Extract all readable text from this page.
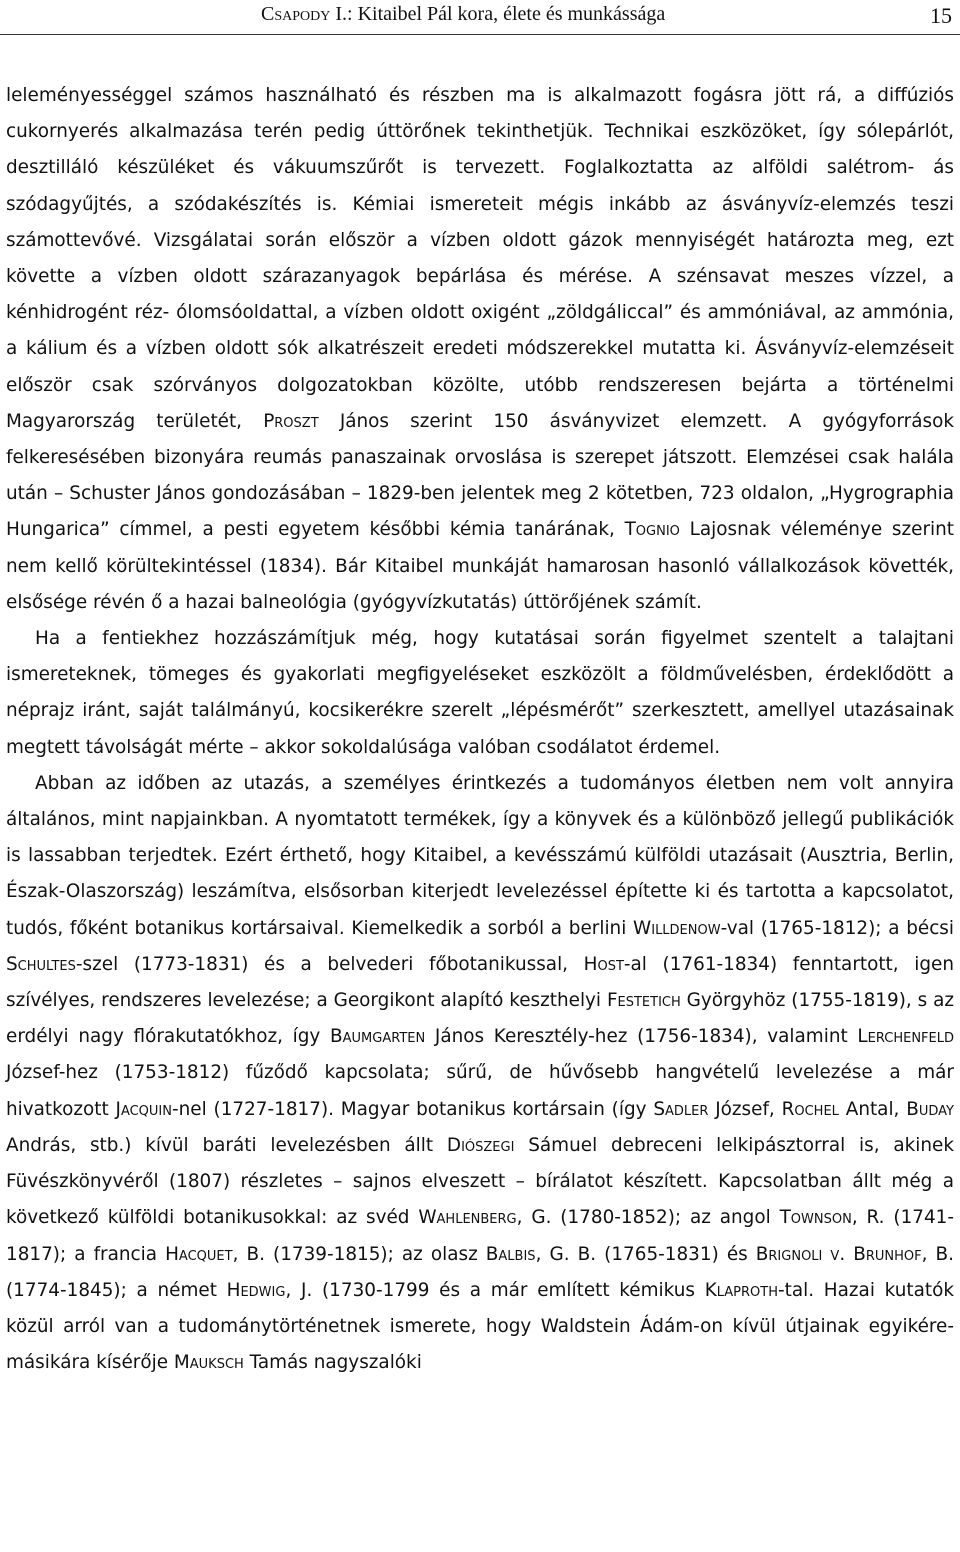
Csapody I.: Kitaibel Pál kora, élete és munkássága	15

leleményességgel számos használható és részben ma is alkalmazott fogásra jött rá, a diffúziós cukornyerés alkalmazása terén pedig úttörőnek tekinthetjük. Technikai eszközöket, így sólepárlót, desztilláló készüléket és vákuumszűrőt is tervezett. Foglalkoztatta az alföldi salétrom- ás szódagyűjtés, a szódakészítés is. Kémiai ismereteit mégis inkább az ásványvíz-elemzés teszi számottevővé. Vizsgálatai során először a vízben oldott gázok mennyiségét határozta meg, ezt követte a vízben oldott szárazanyagok bepárlása és mérése. A szénsavat meszes vízzel, a kénhidrogént réz- ólomsóoldattal, a vízben oldott oxigént „zöldgáliccal” és ammóniával, az ammónia, a kálium és a vízben oldott sók alkatrészeit eredeti módszerekkel mutatta ki. Ásványvíz-elemzéseit először csak szórványos dolgozatokban közölte, utóbb rendszeresen bejárta a történelmi Magyarország területét, Proszt János szerint 150 ásványvizet elemzett. A gyógyforrások felkeresésében bizonyára reumás panaszainak orvoslása is szerepet játszott. Elemzései csak halála után – Schuster János gondozásában – 1829-ben jelentek meg 2 kötetben, 723 oldalon, „Hygrographia Hungarica” címmel, a pesti egyetem későbbi kémia tanárának, Tognio Lajosnak véleménye szerint nem kellő körültekintéssel (1834). Bár Kitaibel munkáját hamarosan hasonló vállalkozások követték, elsősége révén ő a hazai balneológia (gyógyvízkutatás) úttörőjének számít.

Ha a fentiekhez hozzászámítjuk még, hogy kutatásai során figyelmet szentelt a talajtani ismereteknek, tömeges és gyakorlati megfigyeléseket eszközölt a földművelésben, érdeklődött a néprajz iránt, saját találmányú, kocsikerékre szerelt „lépésmérőt” szerkesztett, amellyel utazásainak megtett távolságát mérte – akkor sokoldalúsága valóban csodálatot érdemel.

Abban az időben az utazás, a személyes érintkezés a tudományos életben nem volt annyira általános, mint napjainkban. A nyomtatott termékek, így a könyvek és a különböző jellegű publikációk is lassabban terjedtek. Ezért érthető, hogy Kitaibel, a kevésszámú külföldi utazásait (Ausztria, Berlin, Észak-Olaszország) leszámítva, elsősorban kiterjedt levelezéssel építette ki és tartotta a kapcsolatot, tudós, főként botanikus kortársaival. Kiemelkedik a sorból a berlini Willdenow-val (1765-1812); a bécsi Schultes-szel (1773-1831) és a belvederi főbotanikussal, Host-al (1761-1834) fenntartott, igen szívélyes, rendszeres levelezése; a Georgikont alapító keszthelyi Festetich Györgyhöz (1755-1819), s az erdélyi nagy flórakutatókhoz, így Baumgarten János Keresztély-hez (1756-1834), valamint Lerchenfeld József-hez (1753-1812) fűződő kapcsolata; sűrű, de hűvősebb hangvételű levelezése a már hivatkozott Jacquin-nel (1727-1817). Magyar botanikus kortársain (így Sadler József, Rochel Antal, Buday András, stb.) kívül baráti levelezésben állt Diószegi Sámuel debreceni lelkipásztorral is, akinek Füvészkönyvéről (1807) részletes – sajnos elveszett – bírálatot készített. Kapcsolatban állt még a következő külföldi botanikusokkal: az svéd Wahlenberg, G. (1780-1852); az angol Townson, R. (1741-1817); a francia Hacquet, B. (1739-1815); az olasz Balbis, G. B. (1765-1831) és Brignoli v. Brunhof, B. (1774-1845); a német Hedwig, J. (1730-1799 és a már említett kémikus Klaproth-tal. Hazai kutatók közül arról van a tudománytörténetnek ismerete, hogy Waldstein Ádám-on kívül útjainak egyikére-másikára kísérője Mauksch Tamás nagyszalóki
